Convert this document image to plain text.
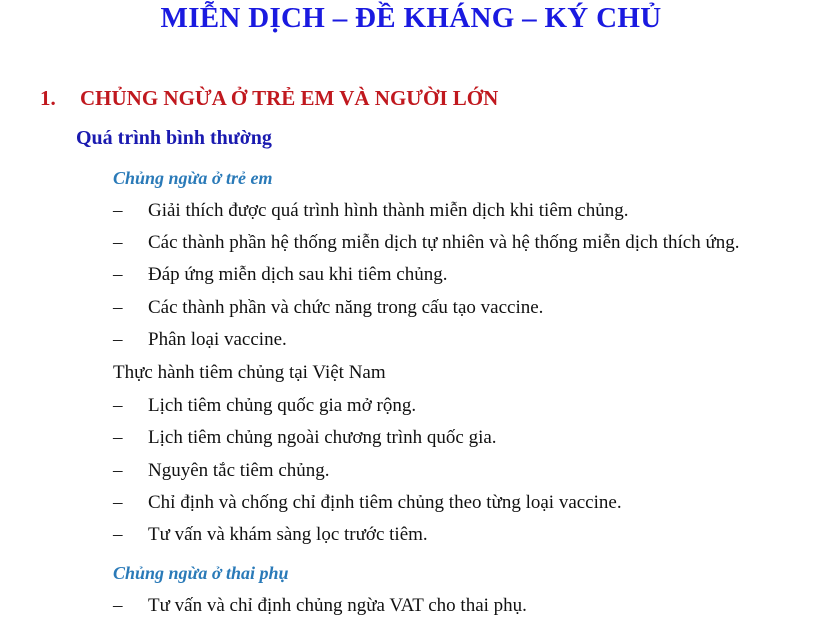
MIỄN DỊCH – ĐỀ KHÁNG – KÝ CHỦ
1. CHỦNG NGỪA Ở TRẺ EM VÀ NGƯỜI LỚN
Quá trình bình thường
Chủng ngừa ở trẻ em
– Giải thích được quá trình hình thành miễn dịch khi tiêm chủng.
– Các thành phần hệ thống miễn dịch tự nhiên và hệ thống miễn dịch thích ứng.
– Đáp ứng miễn dịch sau khi tiêm chủng.
– Các thành phần và chức năng trong cấu tạo vaccine.
– Phân loại vaccine.
Thực hành tiêm chủng tại Việt Nam
– Lịch tiêm chủng quốc gia mở rộng.
– Lịch tiêm chủng ngoài chương trình quốc gia.
– Nguyên tắc tiêm chủng.
– Chỉ định và chống chỉ định tiêm chủng theo từng loại vaccine.
– Tư vấn và khám sàng lọc trước tiêm.
Chủng ngừa ở thai phụ
– Tư vấn và chỉ định chủng ngừa VAT cho thai phụ.
